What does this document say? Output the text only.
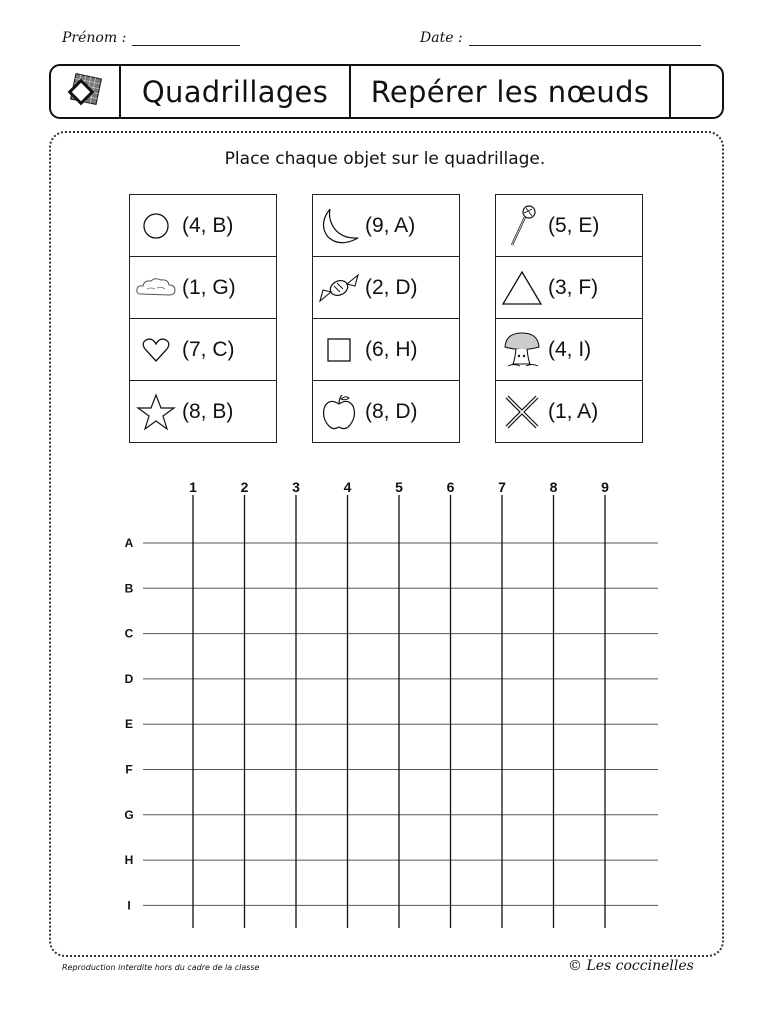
Prénom :	Date :
Quadrillages	Repérer les nœuds
Place chaque objet sur le quadrillage.
(4, B)

(1, G)

(7, C)

(8, B)
(9, A)

(2, D)

(6, H)

(8, D)
(5, E)

(3, F)

(4, I)

(1, A)
A
B
C
D
E
F
G
H
I
1	2	3	4	5	6	7	8	9
Reproduction interdite hors du cadre de la classe	© Les coccinelles
